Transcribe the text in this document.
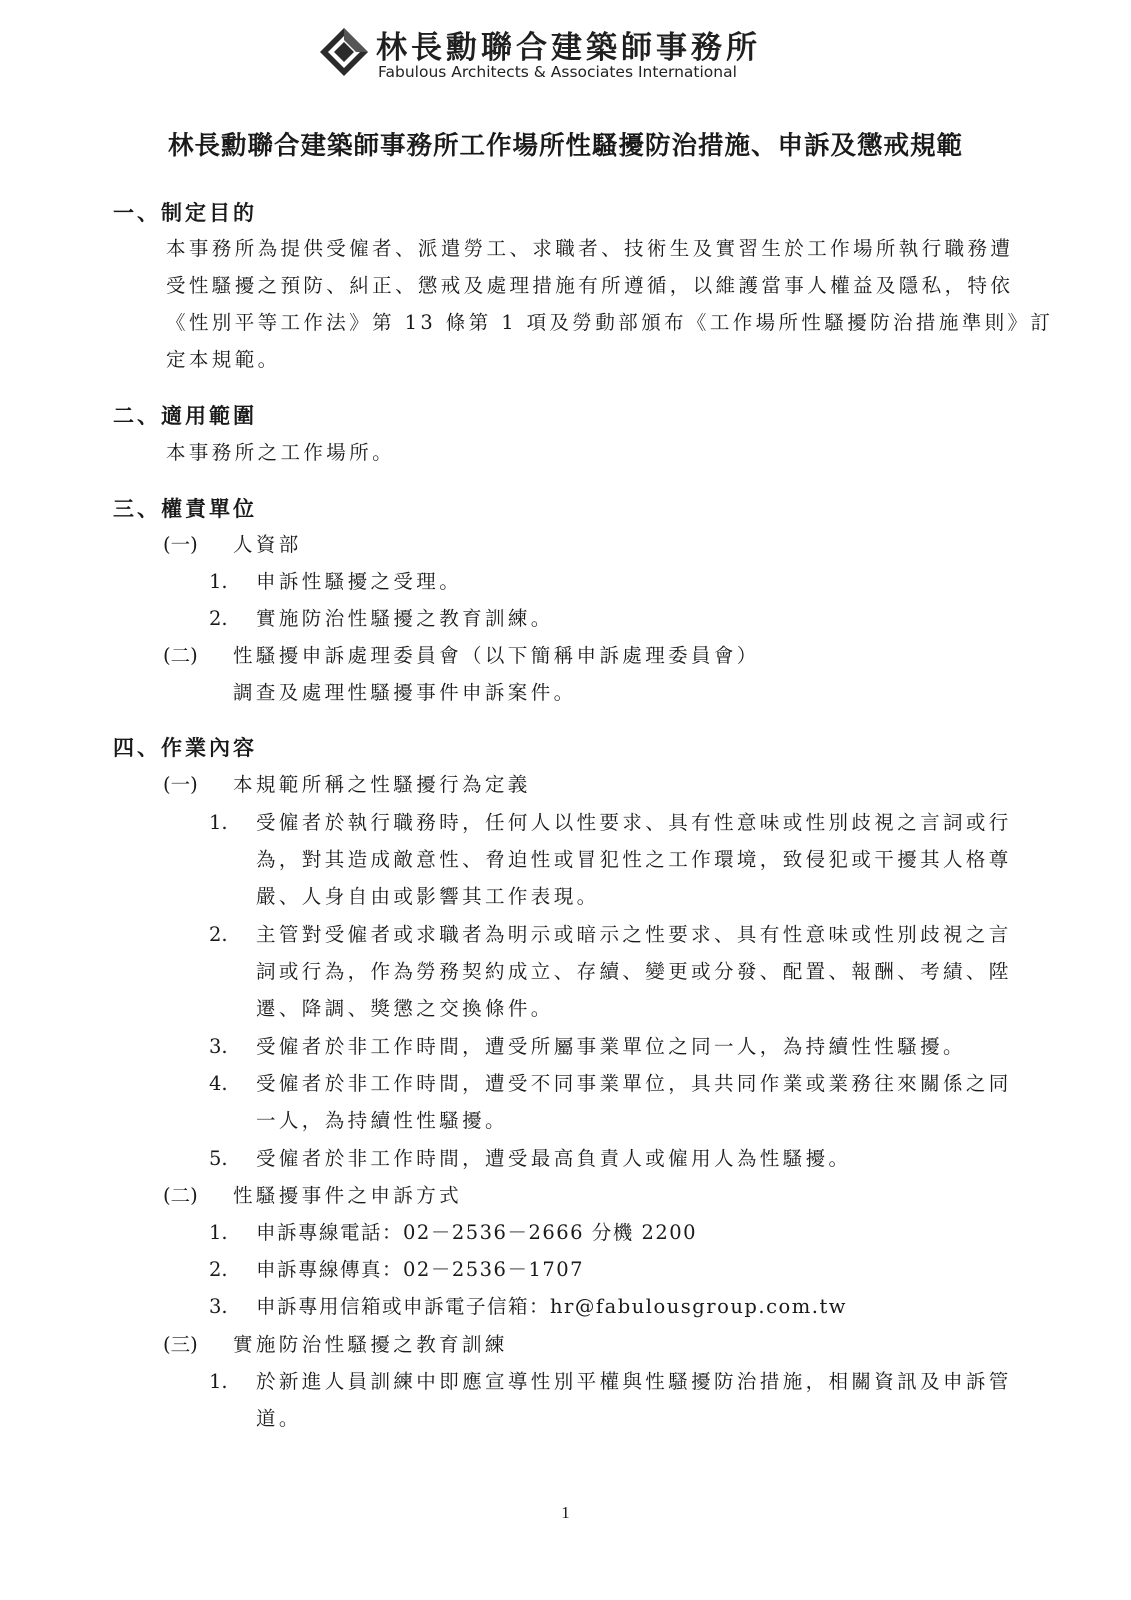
林長勳聯合建築師事務所
Fabulous Architects & Associates International
林長勳聯合建築師事務所工作場所性騷擾防治措施、申訴及懲戒規範
一、制定目的
本事務所為提供受僱者、派遣勞工、求職者、技術生及實習生於工作場所執行職務遭
受性騷擾之預防、糾正、懲戒及處理措施有所遵循，以維護當事人權益及隱私，特依
《性別平等工作法》第 13 條第 1 項及勞動部頒布《工作場所性騷擾防治措施準則》訂
定本規範。
二、適用範圍
本事務所之工作場所。
三、權責單位
(一) 人資部
1. 申訴性騷擾之受理。
2. 實施防治性騷擾之教育訓練。
(二) 性騷擾申訴處理委員會（以下簡稱申訴處理委員會）
調查及處理性騷擾事件申訴案件。
四、作業內容
(一) 本規範所稱之性騷擾行為定義
1. 受僱者於執行職務時，任何人以性要求、具有性意味或性別歧視之言詞或行
為，對其造成敵意性、脅迫性或冒犯性之工作環境，致侵犯或干擾其人格尊
嚴、人身自由或影響其工作表現。
2. 主管對受僱者或求職者為明示或暗示之性要求、具有性意味或性別歧視之言
詞或行為，作為勞務契約成立、存續、變更或分發、配置、報酬、考績、陞
遷、降調、獎懲之交換條件。
3. 受僱者於非工作時間，遭受所屬事業單位之同一人，為持續性性騷擾。
4. 受僱者於非工作時間，遭受不同事業單位，具共同作業或業務往來關係之同
一人，為持續性性騷擾。
5. 受僱者於非工作時間，遭受最高負責人或僱用人為性騷擾。
(二) 性騷擾事件之申訴方式
1. 申訴專線電話：02－2536－2666 分機 2200
2. 申訴專線傳真：02－2536－1707
3. 申訴專用信箱或申訴電子信箱：hr@fabulousgroup.com.tw
(三) 實施防治性騷擾之教育訓練
1. 於新進人員訓練中即應宣導性別平權與性騷擾防治措施，相關資訊及申訴管
道。
1
